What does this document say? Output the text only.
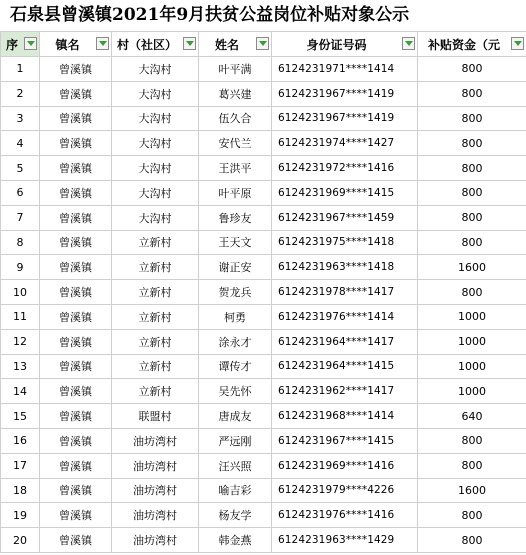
石泉县曾溪镇2021年9月扶贫公益岗位补贴对象公示
序	镇名	村（社区）	姓名	身份证号码	补贴资金（元

1	曾溪镇	大沟村	叶平满	6124231971****1414	800
2	曾溪镇	大沟村	葛兴建	6124231967****1419	800
3	曾溪镇	大沟村	伍久合	6124231967****1419	800
4	曾溪镇	大沟村	安代兰	6124231974****1427	800
5	曾溪镇	大沟村	王洪平	6124231972****1416	800
6	曾溪镇	大沟村	叶平原	6124231969****1415	800
7	曾溪镇	大沟村	鲁珍友	6124231967****1459	800
8	曾溪镇	立新村	王天文	6124231975****1418	800
9	曾溪镇	立新村	谢正安	6124231963****1418	1600
10	曾溪镇	立新村	贺龙兵	6124231978****1417	800
11	曾溪镇	立新村	柯勇	6124231976****1414	1000
12	曾溪镇	立新村	涂永才	6124231964****1417	1000
13	曾溪镇	立新村	谭传才	6124231964****1415	1000
14	曾溪镇	立新村	吴先怀	6124231962****1417	1000
15	曾溪镇	联盟村	唐成友	6124231968****1414	640
16	曾溪镇	油坊湾村	严远刚	6124231967****1415	800
17	曾溪镇	油坊湾村	汪兴照	6124231969****1416	800
18	曾溪镇	油坊湾村	喻吉彩	6124231979****4226	1600
19	曾溪镇	油坊湾村	杨友学	6124231976****1416	800
20	曾溪镇	油坊湾村	韩金燕	6124231963****1429	800
